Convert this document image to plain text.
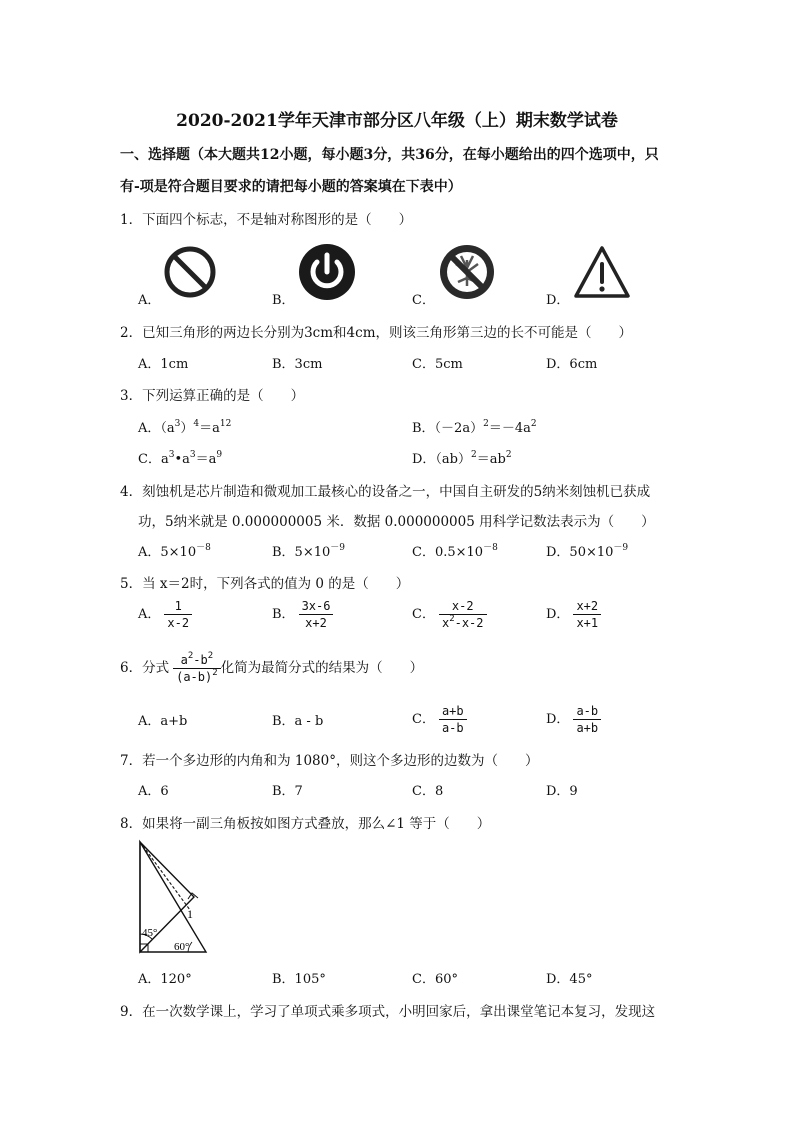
2020-2021学年天津市部分区八年级（上）期末数学试卷
一、选择题（本大题共12小题，每小题3分，共36分，在每小题给出的四个选项中，只
有-项是符合题目要求的请把每小题的答案填在下表中）
1．下面四个标志，不是轴对称图形的是（　　）
A．	B．	C．	D．
2．已知三角形的两边长分别为3cm和4cm，则该三角形第三边的长不可能是（　　）
A．1cm	B．3cm	C．5cm	D．6cm
3．下列运算正确的是（　　）
A．$(a^3)^4=a^{12}$	B．$(-2a)^2=-4a^2$
C．$a^3•a^3=a^9$	D．$(ab)^2=ab^2$
4．刻蚀机是芯片制造和微观加工最核心的设备之一，中国自主研发的5纳米刻蚀机已获成
功，5纳米就是 0.000000005 米．数据 0.000000005 用科学记数法表示为（　　）
A．$5\times 10^{-8}$	B．$5\times 10^{-9}$	C．$0.5\times 10^{-8}$	D．$50\times 10^{-9}$
5．当 x＝2时，下列各式的值为 0 的是（　　）
A． $\frac{1}{x-2}$	B． $\frac{3x-6}{x+2}$	C． $\frac{x-2}{x^2-x-2}$	D． $\frac{x+2}{x+1}$
6．分式 $\frac{a^2-b^2}{(a-b)^2}$ 化简为最简分式的结果为（　　）
A．a+b	B．a - b	C． $\frac{a+b}{a-b}$	D． $\frac{a-b}{a+b}$
7．若一个多边形的内角和为 1080°，则这个多边形的边数为（　　）
A．6	B．7	C．8	D．9
8．如果将一副三角板按如图方式叠放，那么∠1 等于（　　）
1
45°
60°
A．120°	B．105°	C．60°	D．45°
9．在一次数学课上，学习了单项式乘多项式，小明回家后，拿出课堂笔记本复习，发现这
